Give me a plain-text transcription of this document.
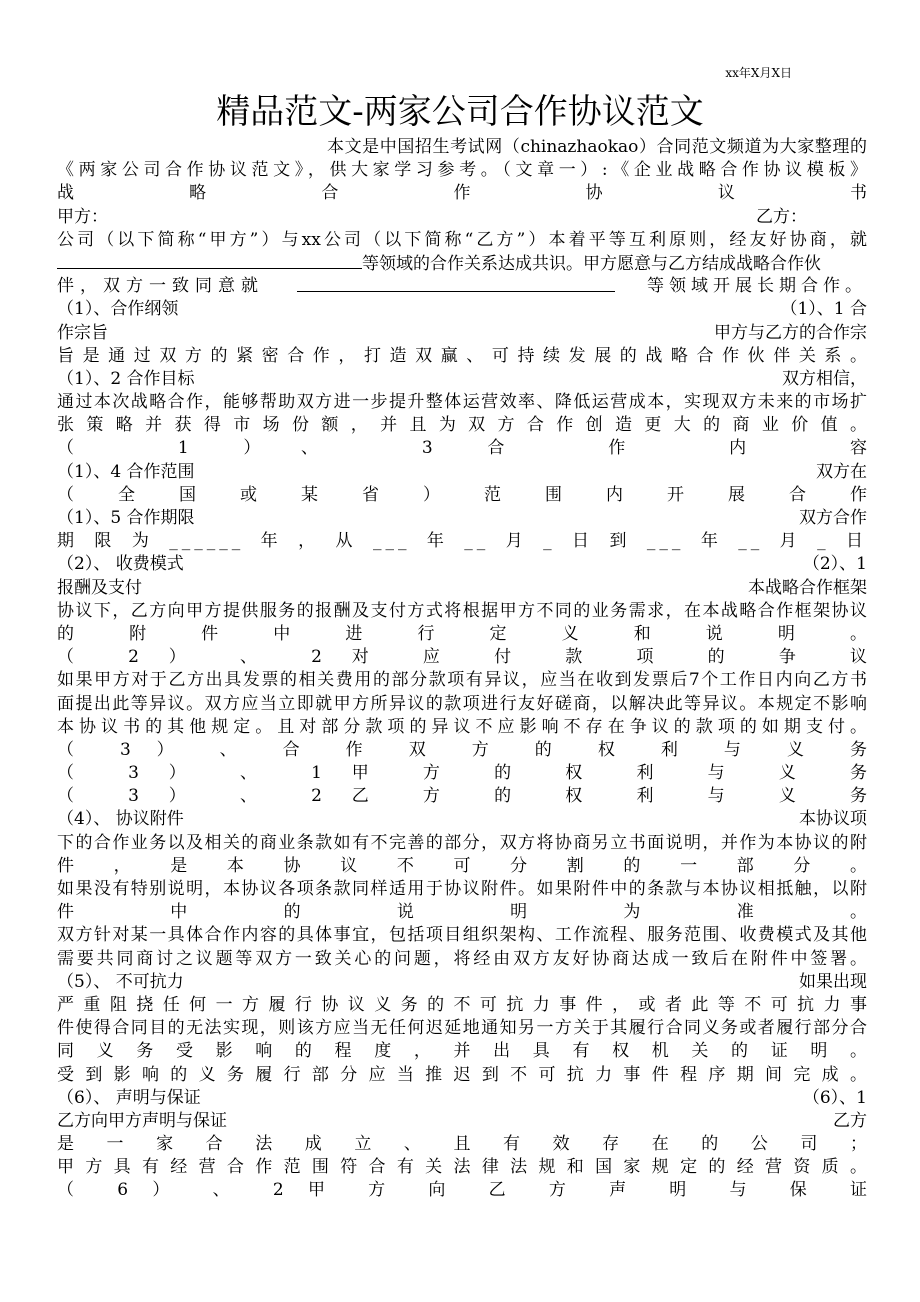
xx年X月X日
精品范文-两家公司合作协议范文
本文是中国招生考试网（chinazhaokao）合同范文频道为大家整理的
《两家公司合作协议范文》，供大家学习参考。（文章一）:《企业战略合作协议模板》
战　略　合　作　协　议　书
甲方：	乙方：
公司（以下简称“甲方”）与xx公司（以下简称“乙方”）本着平等互利原则，经友好协商，就
等领域的合作关系达成共识。甲方愿意与乙方结成战略合作伙
伴，双方一致同意就	等领域开展长期合作。
（1）、合作纲领	（1）、1 合
作宗旨	甲方与乙方的合作宗
旨是通过双方的紧密合作，打造双赢、可持续发展的战略合作伙伴关系。
（1）、2 合作目标	双方相信，
通过本次战略合作，能够帮助双方进一步提升整体运营效率、降低运营成本，实现双方未来的市场扩
张策略并获得市场份额，并且为双方合作创造更大的商业价值。
（ 1 ）、 3 合 作 内 容
（1）、4 合作范围	双方在
（ 全 国 或 某 省 ） 范 围 内 开 展 合 作
（1）、5 合作期限	双方合作
期限为______年，从___年__月_日到___年__月_日
（2）、 收费模式	（2）、1
报酬及支付	本战略合作框架
协议下，乙方向甲方提供服务的报酬及支付方式将根据甲方不同的业务需求，在本战略合作框架协议
的 附 件 中 进 行 定 义 和 说 明 。
（ 2 ） 、 2 对 应 付 款 项 的 争 议
如果甲方对于乙方出具发票的相关费用的部分款项有异议，应当在收到发票后7个工作日内向乙方书
面提出此等异议。双方应当立即就甲方所异议的款项进行友好磋商，以解决此等异议。本规定不影响
本协议书的其他规定。且对部分款项的异议不应影响不存在争议的款项的如期支付。
（ 3 ） 、 合 作 双 方 的 权 利 与 义 务
（ 3 ） 、 1 甲 方 的 权 利 与 义 务
（ 3 ） 、 2 乙 方 的 权 利 与 义 务
（4）、 协议附件	本协议项
下的合作业务以及相关的商业条款如有不完善的部分，双方将协商另立书面说明，并作为本协议的附
件 ， 是 本 协 议 不 可 分 割 的 一 部 分 。
如果没有特别说明，本协议各项条款同样适用于协议附件。如果附件中的条款与本协议相抵触，以附
件 中 的 说 明 为 准 。
双方针对某一具体合作内容的具体事宜，包括项目组织架构、工作流程、服务范围、收费模式及其他
需要共同商讨之议题等双方一致关心的问题，将经由双方友好协商达成一致后在附件中签署。
（5）、 不可抗力	如果出现
严重阻挠任何一方履行协议义务的不可抗力事件，或者此等不可抗力事
件使得合同目的无法实现，则该方应当无任何迟延地通知另一方关于其履行合同义务或者履行部分合
同 义 务 受 影 响 的 程 度 ， 并 出 具 有 权 机 关 的 证 明 。
受到影响的义务履行部分应当推迟到不可抗力事件程序期间完成。
（6）、 声明与保证	（6）、1
乙方向甲方声明与保证	乙方
是 一 家 合 法 成 立 、 且 有 效 存 在 的 公 司 ；
甲方具有经营合作范围符合有关法律法规和国家规定的经营资质。
（ 6 ） 、 2 甲 方 向 乙 方 声 明 与 保 证
